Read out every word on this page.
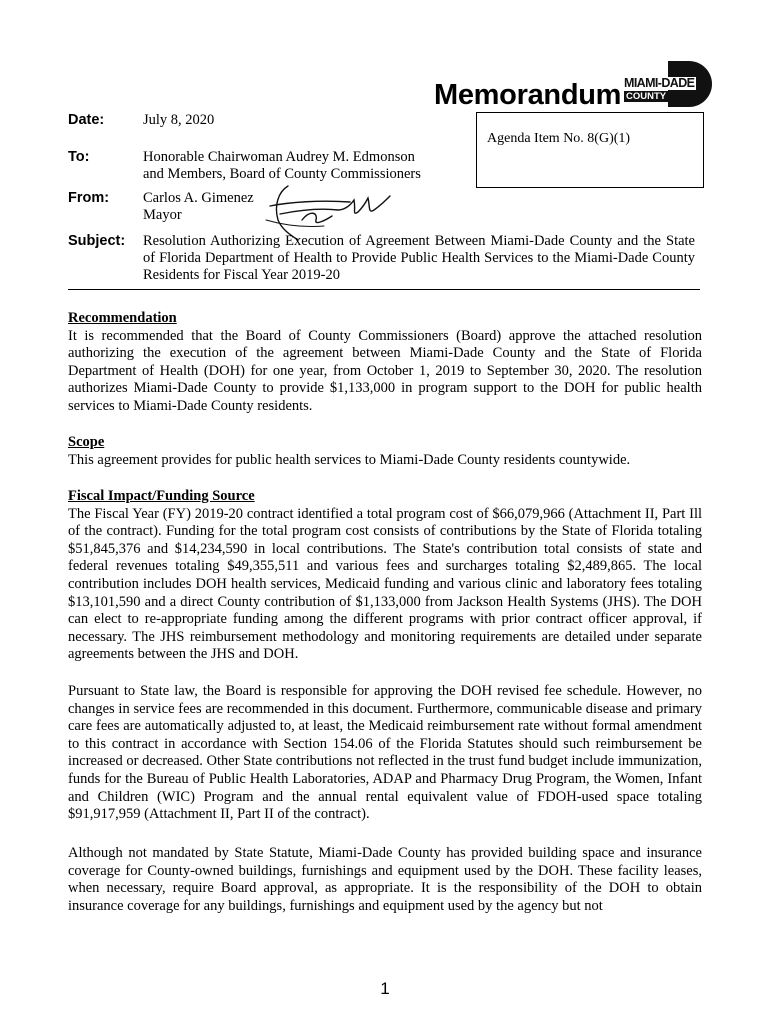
Memorandum MIAMI-DADE
COUNTY
Date:	July 8, 2020
Agenda Item No. 8(G)(1)
To:	Honorable Chairwoman Audrey M. Edmonson
and Members, Board of County Commissioners
From: Carlos A. Gimenez
Mayor
Subject: Resolution Authorizing Execution of Agreement Between Miami-Dade County and the State of Florida Department of Health to Provide Public Health Services to the Miami-Dade County Residents for Fiscal Year 2019-20
Recommendation

It is recommended that the Board of County Commissioners (Board) approve the attached resolution authorizing the execution of the agreement between Miami-Dade County and the State of Florida Department of Health (DOH) for one year, from October 1, 2019 to September 30, 2020. The resolution authorizes Miami-Dade County to provide $1,133,000 in program support to the DOH for public health services to Miami-Dade County residents.

Scope

This agreement provides for public health services to Miami-Dade County residents countywide.

Fiscal Impact/Funding Source

The Fiscal Year (FY) 2019-20 contract identified a total program cost of $66,079,966 (Attachment II, Part Ill of the contract). Funding for the total program cost consists of contributions by the State of Florida totaling $51,845,376 and $14,234,590 in local contributions. The State's contribution total consists of state and federal revenues totaling $49,355,511 and various fees and surcharges totaling $2,489,865. The local contribution includes DOH health services, Medicaid funding and various clinic and laboratory fees totaling $13,101,590 and a direct County contribution of $1,133,000 from Jackson Health Systems (JHS). The DOH can elect to re-appropriate funding among the different programs with prior contract officer approval, if necessary. The JHS reimbursement methodology and monitoring requirements are detailed under separate agreements between the JHS and DOH.

Pursuant to State law, the Board is responsible for approving the DOH revised fee schedule. However, no changes in service fees are recommended in this document. Furthermore, communicable disease and primary care fees are automatically adjusted to, at least, the Medicaid reimbursement rate without formal amendment to this contract in accordance with Section 154.06 of the Florida Statutes should such reimbursement be increased or decreased. Other State contributions not reflected in the trust fund budget include immunization, funds for the Bureau of Public Health Laboratories, ADAP and Pharmacy Drug Program, the Women, Infant and Children (WIC) Program and the annual rental equivalent value of FDOH-used space totaling $91,917,959 (Attachment II, Part II of the contract).

Although not mandated by State Statute, Miami-Dade County has provided building space and insurance coverage for County-owned buildings, furnishings and equipment used by the DOH. These facility leases, when necessary, require Board approval, as appropriate. It is the responsibility of the DOH to obtain insurance coverage for any buildings, furnishings and equipment used by the agency but not

1
